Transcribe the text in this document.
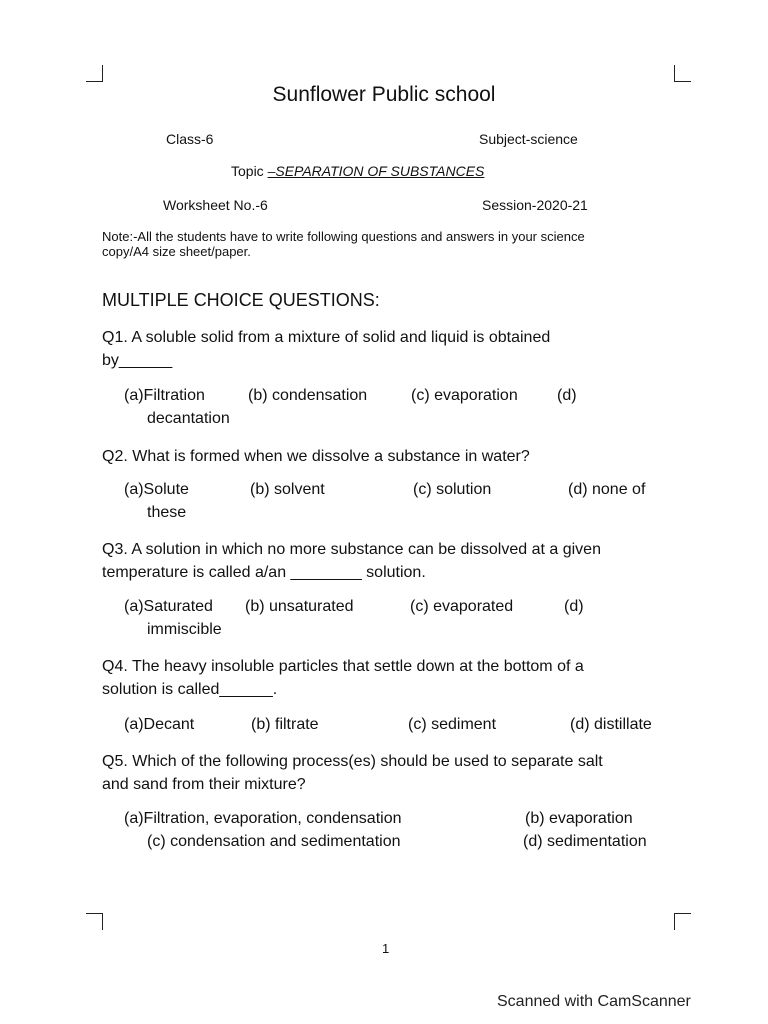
Sunflower Public school
Class-6	Subject-science
Topic –SEPARATION OF SUBSTANCES
Worksheet No.-6	Session-2020-21
Note:-All the students have to write following questions and answers in your science
copy/A4 size sheet/paper.
MULTIPLE CHOICE QUESTIONS:
Q1. A soluble solid from a mixture of solid and liquid is obtained
by______
(a)Filtration	(b) condensation	(c) evaporation (d)
decantation
Q2. What is formed when we dissolve a substance in water?
(a)Solute	(b) solvent	(c) solution	(d) none of
these
Q3. A solution in which no more substance can be dissolved at a given
temperature is called a/an ________ solution.
(a)Saturated (b) unsaturated	(c) evaporated	(d)
immiscible
Q4. The heavy insoluble particles that settle down at the bottom of a
solution is called______.
(a)Decant	(b) filtrate	(c) sediment	(d) distillate
Q5. Which of the following process(es) should be used to separate salt
and sand from their mixture?
(a)Filtration, evaporation, condensation	(b) evaporation
(c) condensation and sedimentation	(d) sedimentation
1
Scanned with CamScanner
